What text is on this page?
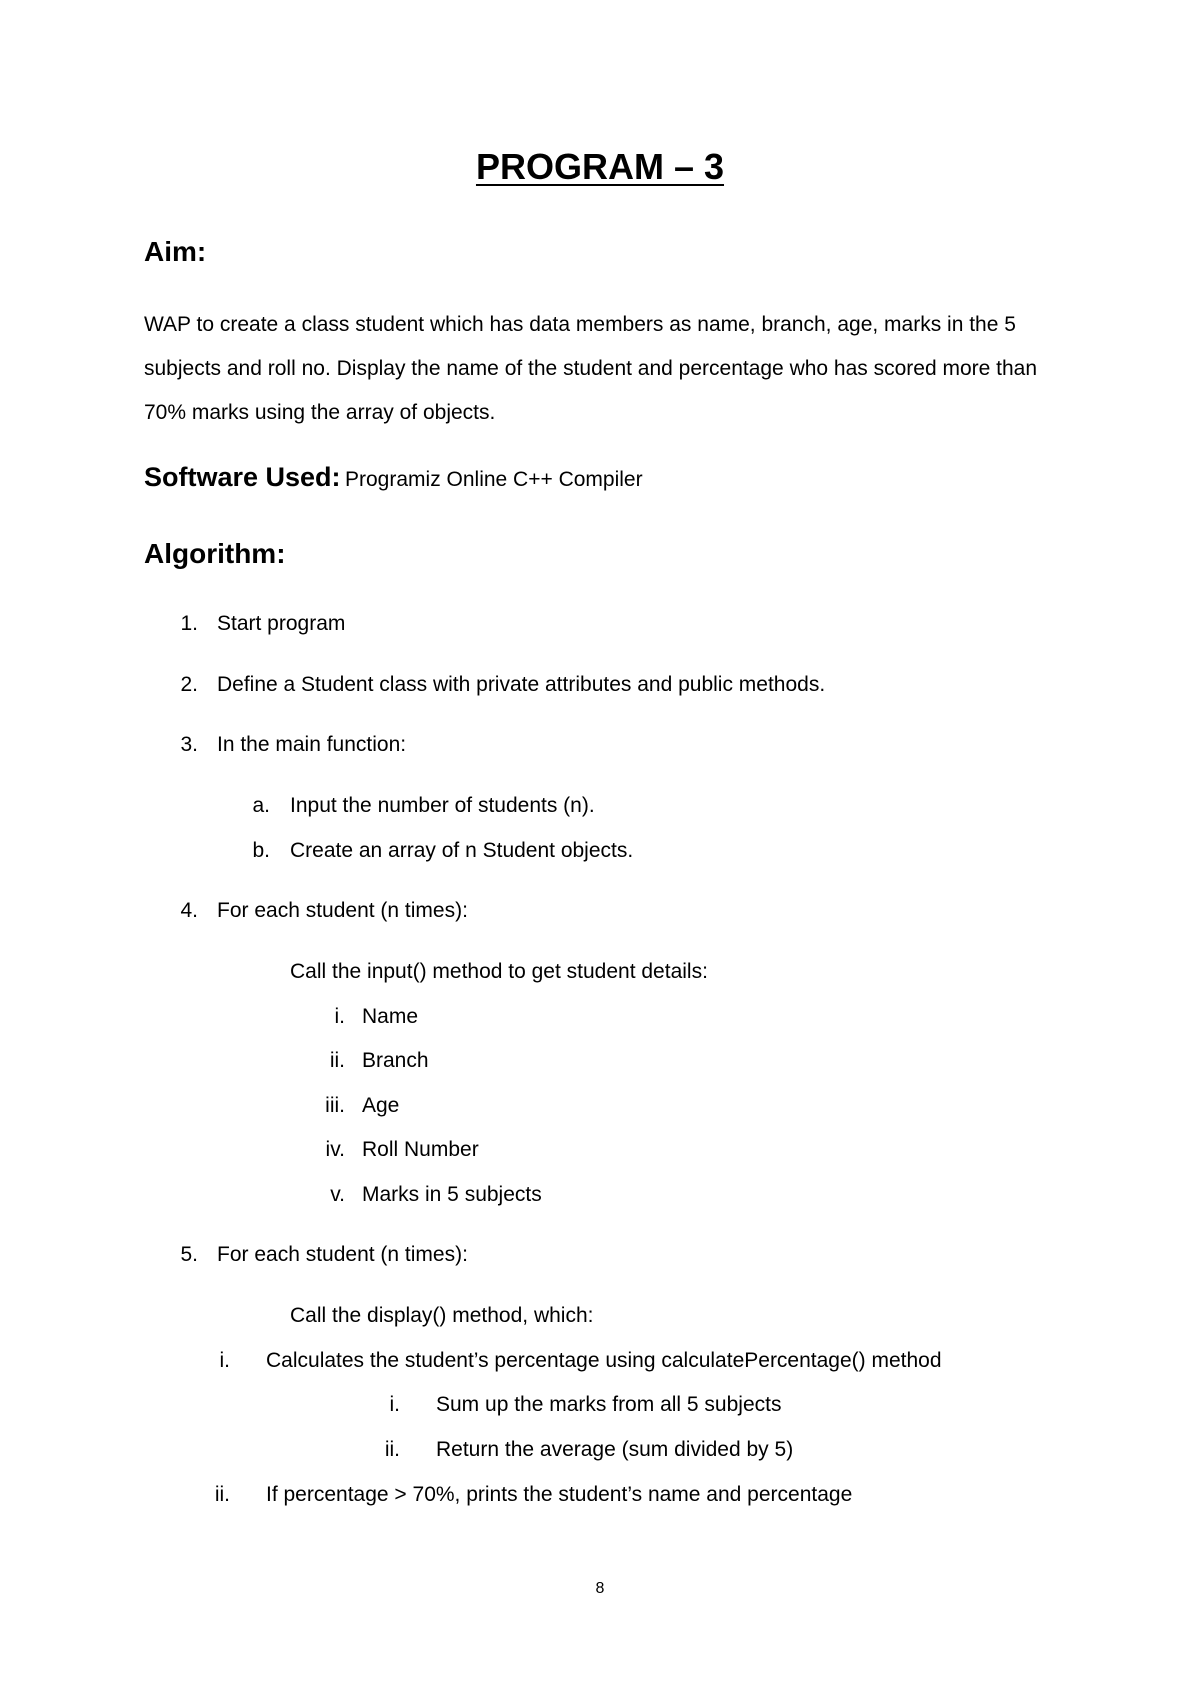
PROGRAM – 3
Aim:
WAP to create a class student which has data members as name, branch, age, marks in the 5 subjects and roll no. Display the name of the student and percentage who has scored more than 70% marks using the array of objects.
Software Used: Programiz Online C++ Compiler
Algorithm:
1. Start program
2. Define a Student class with private attributes and public methods.
3. In the main function:
a. Input the number of students (n).
b. Create an array of n Student objects.
4. For each student (n times):
Call the input() method to get student details:
i. Name
ii. Branch
iii. Age
iv. Roll Number
v. Marks in 5 subjects
5. For each student (n times):
Call the display() method, which:
i. Calculates the student’s percentage using calculatePercentage() method
i. Sum up the marks from all 5 subjects
ii. Return the average (sum divided by 5)
ii. If percentage > 70%, prints the student’s name and percentage
8
